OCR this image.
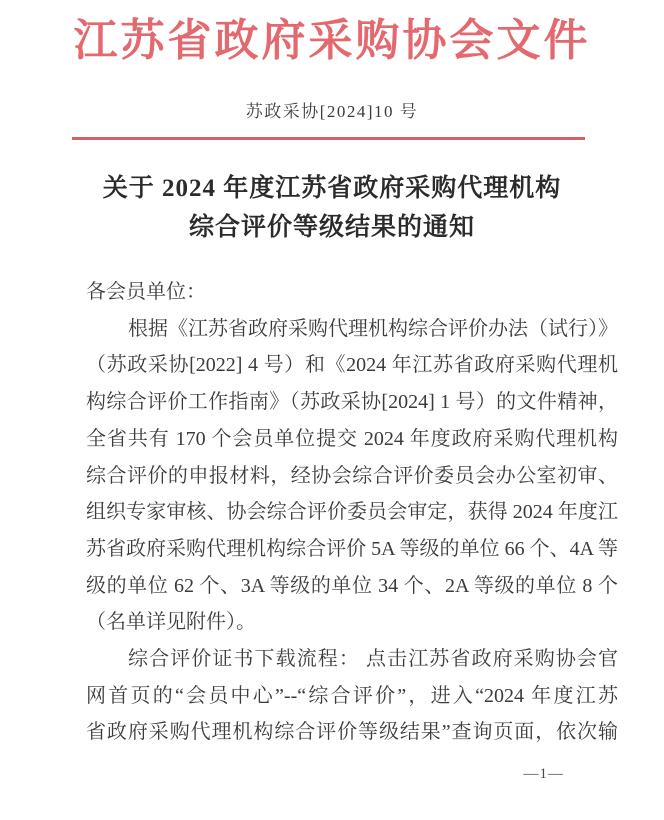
江苏省政府采购协会文件
苏政采协[2024]10 号
关于 2024 年度江苏省政府采购代理机构
综合评价等级结果的通知
各会员单位：
根据《江苏省政府采购代理机构综合评价办法（试行）》
（苏政采协[2022] 4 号）和《2024 年江苏省政府采购代理机
构综合评价工作指南》（苏政采协[2024] 1 号）的文件精神，
全省共有 170 个会员单位提交 2024 年度政府采购代理机构
综合评价的申报材料，经协会综合评价委员会办公室初审、
组织专家审核、协会综合评价委员会审定，获得 2024 年度江
苏省政府采购代理机构综合评价 5A 等级的单位 66 个、4A 等
级的单位 62 个、3A 等级的单位 34 个、2A 等级的单位 8 个
（名单详见附件）。
综合评价证书下载流程： 点击江苏省政府采购协会官
网首页的“会员中心”--“综合评价”，进入“2024 年度江苏
省政府采购代理机构综合评价等级结果”查询页面，依次输
—1—
